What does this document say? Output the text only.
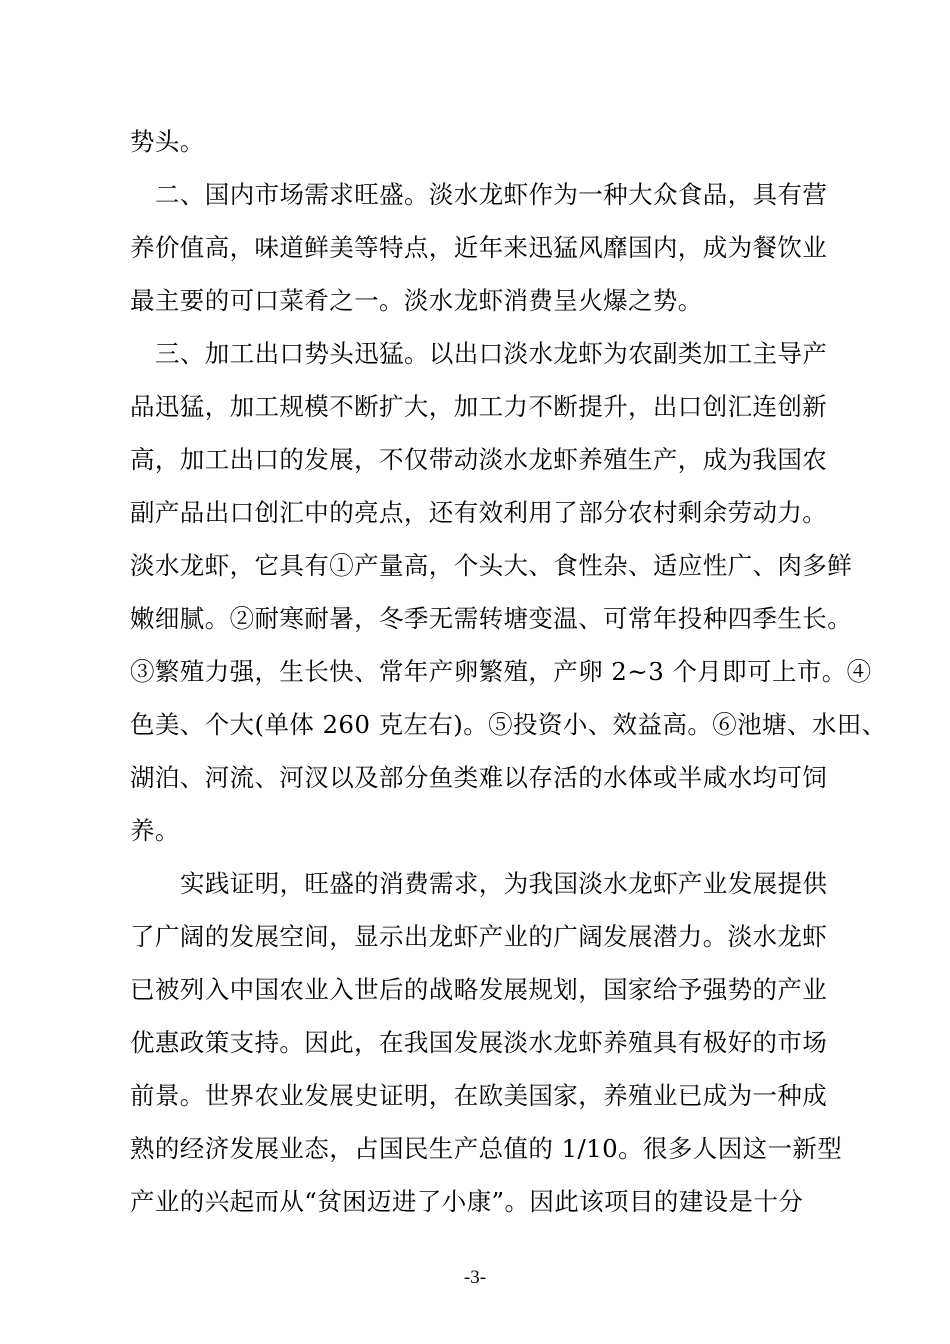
势头。
二、国内市场需求旺盛。淡水龙虾作为一种大众食品，具有营
养价值高，味道鲜美等特点，近年来迅猛风靡国内，成为餐饮业
最主要的可口菜肴之一。淡水龙虾消费呈火爆之势。
三、加工出口势头迅猛。以出口淡水龙虾为农副类加工主导产
品迅猛，加工规模不断扩大，加工力不断提升，出口创汇连创新
高，加工出口的发展，不仅带动淡水龙虾养殖生产，成为我国农
副产品出口创汇中的亮点，还有效利用了部分农村剩余劳动力。
淡水龙虾，它具有①产量高，个头大、食性杂、适应性广、肉多鲜
嫩细腻。②耐寒耐暑，冬季无需转塘变温、可常年投种四季生长。
③繁殖力强，生长快、常年产卵繁殖，产卵 2~3 个月即可上市。④
色美、个大(单体 260 克左右)。⑤投资小、效益高。⑥池塘、水田、
湖泊、河流、河汊以及部分鱼类难以存活的水体或半咸水均可饲
养。
实践证明，旺盛的消费需求，为我国淡水龙虾产业发展提供
了广阔的发展空间，显示出龙虾产业的广阔发展潜力。淡水龙虾
已被列入中国农业入世后的战略发展规划，国家给予强势的产业
优惠政策支持。因此，在我国发展淡水龙虾养殖具有极好的市场
前景。世界农业发展史证明，在欧美国家，养殖业已成为一种成
熟的经济发展业态，占国民生产总值的 1/10。很多人因这一新型
产业的兴起而从“贫困迈进了小康”。因此该项目的建设是十分
-3-
